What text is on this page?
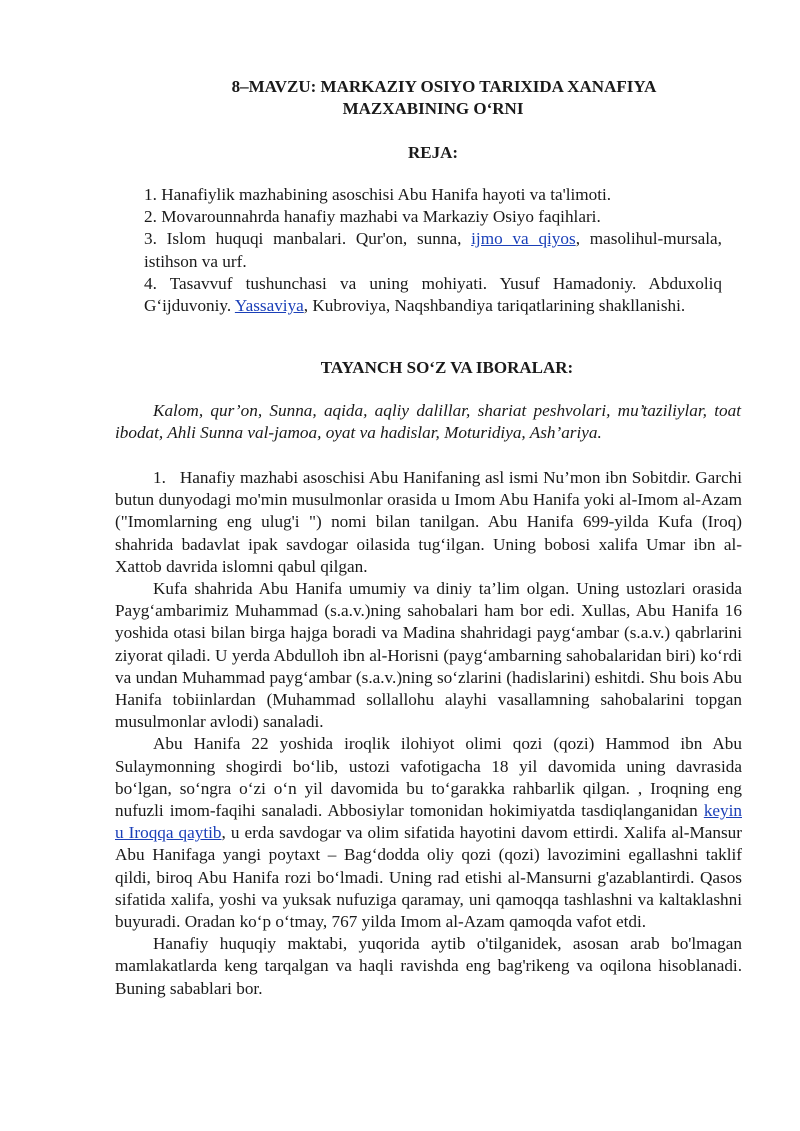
8–MAVZU: MARKAZIY OSIYO TARIXIDA XANAFIYA
MAZXABINING O‘RNI
REJA:
1. Hanafiylik mazhabining asoschisi Abu Hanifa hayoti va ta'limoti.
2. Movarounnahrda hanafiy mazhabi va Markaziy Osiyo faqihlari.
3. Islom huquqi manbalari. Qur'on, sunna, ijmo va qiyos, masolihul-mursala, istihson va urf.
4. Tasavvuf tushunchasi va uning mohiyati. Yusuf Hamadoniy. Abduxoliq G‘ijduvoniy. Yassaviya, Kubroviya, Naqshbandiya tariqatlarining shakllanishi.
TAYANCH SO‘Z VA IBORALAR:

Kalom, qur’on, Sunna, aqida, aqliy dalillar, shariat peshvolari, mu’taziliylar, toat ibodat, Ahli Sunna val-jamoa, oyat va hadislar, Moturidiya, Ash’ariya.

1. Hanafiy mazhabi asoschisi Abu Hanifaning asl ismi Nu’mon ibn Sobitdir. Garchi butun dunyodagi mo'min musulmonlar orasida u Imom Abu Hanifa yoki al-Imom al-Azam ("Imomlarning eng ulug'i ") nomi bilan tanilgan. Abu Hanifa 699-yilda Kufa (Iroq) shahrida badavlat ipak savdogar oilasida tug‘ilgan. Uning bobosi xalifa Umar ibn al-Xattob davrida islomni qabul qilgan.

Kufa shahrida Abu Hanifa umumiy va diniy ta’lim olgan. Uning ustozlari orasida Payg‘ambarimiz Muhammad (s.a.v.)ning sahobalari ham bor edi. Xullas, Abu Hanifa 16 yoshida otasi bilan birga hajga boradi va Madina shahridagi payg‘ambar (s.a.v.) qabrlarini ziyorat qiladi. U yerda Abdulloh ibn al-Horisni (payg‘ambarning sahobalaridan biri) ko‘rdi va undan Muhammad payg‘ambar (s.a.v.)ning so‘zlarini (hadislarini) eshitdi. Shu bois Abu Hanifa tobiinlardan (Muhammad sollallohu alayhi vasallamning sahobalarini topgan musulmonlar avlodi) sanaladi.

Abu Hanifa 22 yoshida iroqlik ilohiyot olimi qozi (qozi) Hammod ibn Abu Sulaymonning shogirdi bo‘lib, ustozi vafotigacha 18 yil davomida uning davrasida bo‘lgan, so‘ngra o‘zi o‘n yil davomida bu to‘garakka rahbarlik qilgan. , Iroqning eng nufuzli imom-faqihi sanaladi. Abbosiylar tomonidan hokimiyatda tasdiqlanganidan keyin u Iroqqa qaytib, u erda savdogar va olim sifatida hayotini davom ettirdi. Xalifa al-Mansur Abu Hanifaga yangi poytaxt – Bag‘dodda oliy qozi (qozi) lavozimini egallashni taklif qildi, biroq Abu Hanifa rozi bo‘lmadi. Uning rad etishi al-Mansurni g'azablantirdi. Qasos sifatida xalifa, yoshi va yuksak nufuziga qaramay, uni qamoqqa tashlashni va kaltaklashni buyuradi. Oradan ko‘p o‘tmay, 767 yilda Imom al-Azam qamoqda vafot etdi.

Hanafiy huquqiy maktabi, yuqorida aytib o'tilganidek, asosan arab bo'lmagan mamlakatlarda keng tarqalgan va haqli ravishda eng bag'rikeng va oqilona hisoblanadi. Buning sabablari bor.
